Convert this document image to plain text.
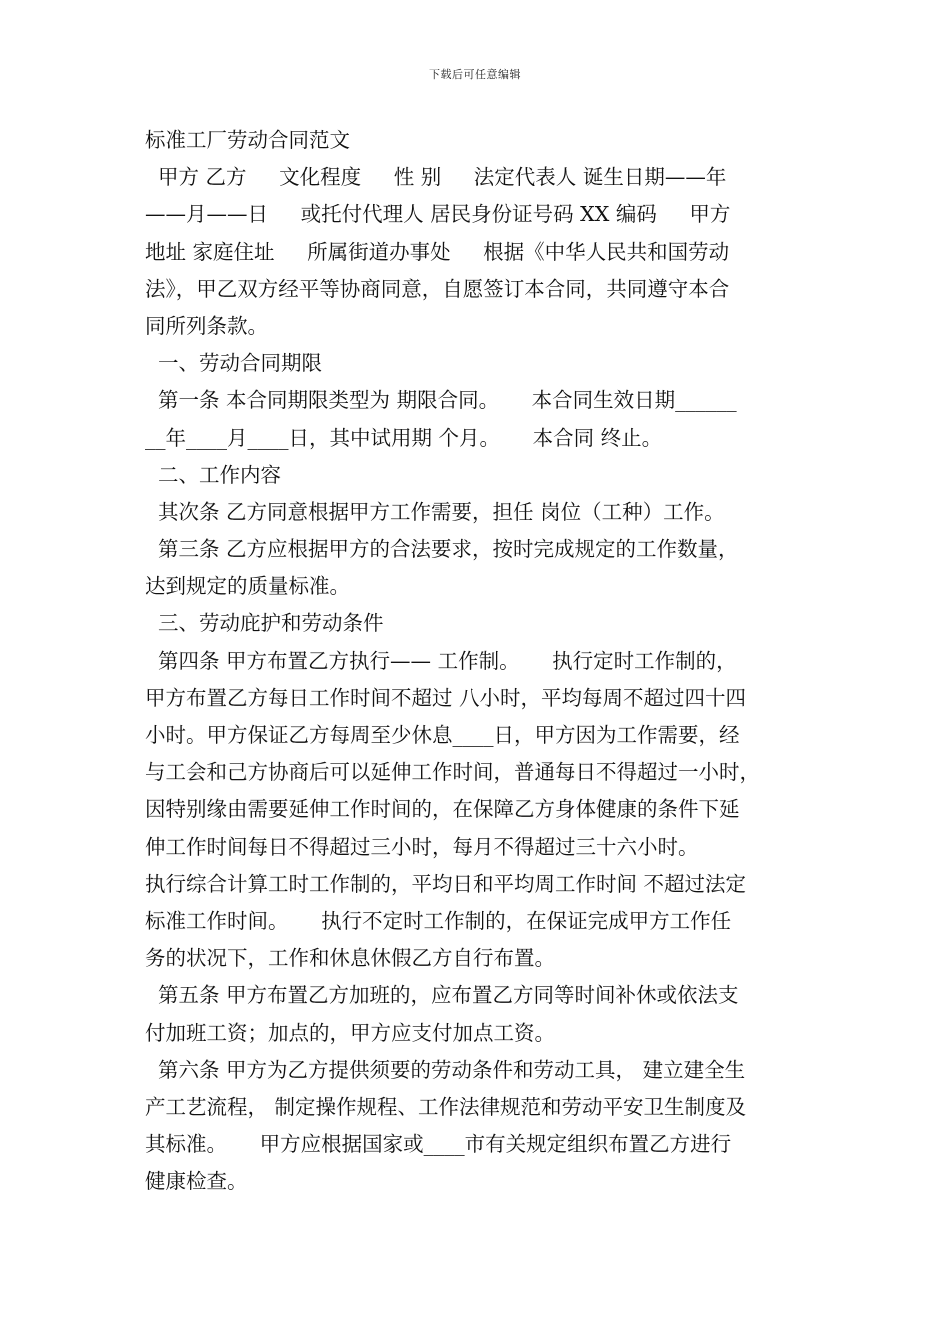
下载后可任意编辑
标准工厂劳动合同范文
甲方 乙方     文化程度     性 别     法定代表人 诞生日期——年
——月——日     或托付代理人 居民身份证号码 XX 编码     甲方
地址 家庭住址     所属街道办事处     根据《中华人民共和国劳动
法》，甲乙双方经平等协商同意，自愿签订本合同，共同遵守本合
同所列条款。
一、劳动合同期限
第一条 本合同期限类型为 期限合同。     本合同生效日期______
__年____月____日，其中试用期 个月。     本合同 终止。
二、工作内容
其次条 乙方同意根据甲方工作需要，担任 岗位（工种）工作。
第三条 乙方应根据甲方的合法要求，按时完成规定的工作数量，
达到规定的质量标准。
三、劳动庇护和劳动条件
第四条 甲方布置乙方执行—— 工作制。     执行定时工作制的，
甲方布置乙方每日工作时间不超过 八小时，平均每周不超过四十四
小时。甲方保证乙方每周至少休息____日，甲方因为工作需要，经
与工会和己方协商后可以延伸工作时间，普通每日不得超过一小时，
因特别缘由需要延伸工作时间的，在保障乙方身体健康的条件下延
伸工作时间每日不得超过三小时，每月不得超过三十六小时。
执行综合计算工时工作制的，平均日和平均周工作时间 不超过法定
标准工作时间。     执行不定时工作制的，在保证完成甲方工作任
务的状况下，工作和休息休假乙方自行布置。
第五条 甲方布置乙方加班的，应布置乙方同等时间补休或依法支
付加班工资；加点的，甲方应支付加点工资。
第六条 甲方为乙方提供须要的劳动条件和劳动工具， 建立建全生
产工艺流程， 制定操作规程、工作法律规范和劳动平安卫生制度及
其标准。     甲方应根据国家或____市有关规定组织布置乙方进行
健康检查。
